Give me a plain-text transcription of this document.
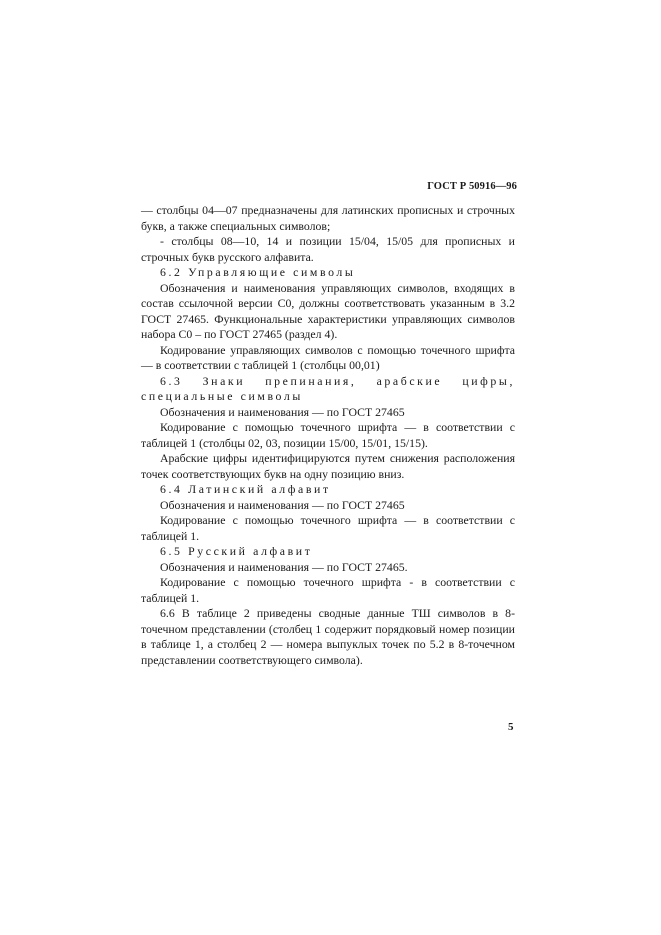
ГОСТ Р 50916—96

— столбцы 04—07 предназначены для латинских прописных и строчных букв, а также специальных символов;

- столбцы 08—10, 14 и позиции 15/04, 15/05 для прописных и строчных букв русского алфавита.

6.2 Управляющие символы

Обозначения и наименования управляющих символов, входящих в состав ссылочной версии С0, должны соответствовать указанным в 3.2 ГОСТ 27465. Функциональные характеристики управляющих символов набора С0 – по ГОСТ 27465 (раздел 4).

Кодирование управляющих символов с помощью точечного шрифта — в соответствии с таблицей 1 (столбцы 00,01)

6.3 Знаки препинания, арабские цифры, специальные символы

Обозначения и наименования — по ГОСТ 27465

Кодирование с помощью точечного шрифта — в соответствии с таблицей 1 (столбцы 02, 03, позиции 15/00, 15/01, 15/15).

Арабские цифры идентифицируются путем снижения расположения точек соответствующих букв на одну позицию вниз.

6.4 Латинский алфавит

Обозначения и наименования — по ГОСТ 27465

Кодирование с помощью точечного шрифта — в соответствии с таблицей 1.

6.5 Русский алфавит

Обозначения и наименования — по ГОСТ 27465.

Кодирование с помощью точечного шрифта - в соответствии с таблицей 1.

6.6 В таблице 2 приведены сводные данные ТШ символов в 8-точечном представлении (столбец 1 содержит порядковый номер позиции в таблице 1, а столбец 2 — номера выпуклых точек по 5.2 в 8-точечном представлении соответствующего символа).

5
